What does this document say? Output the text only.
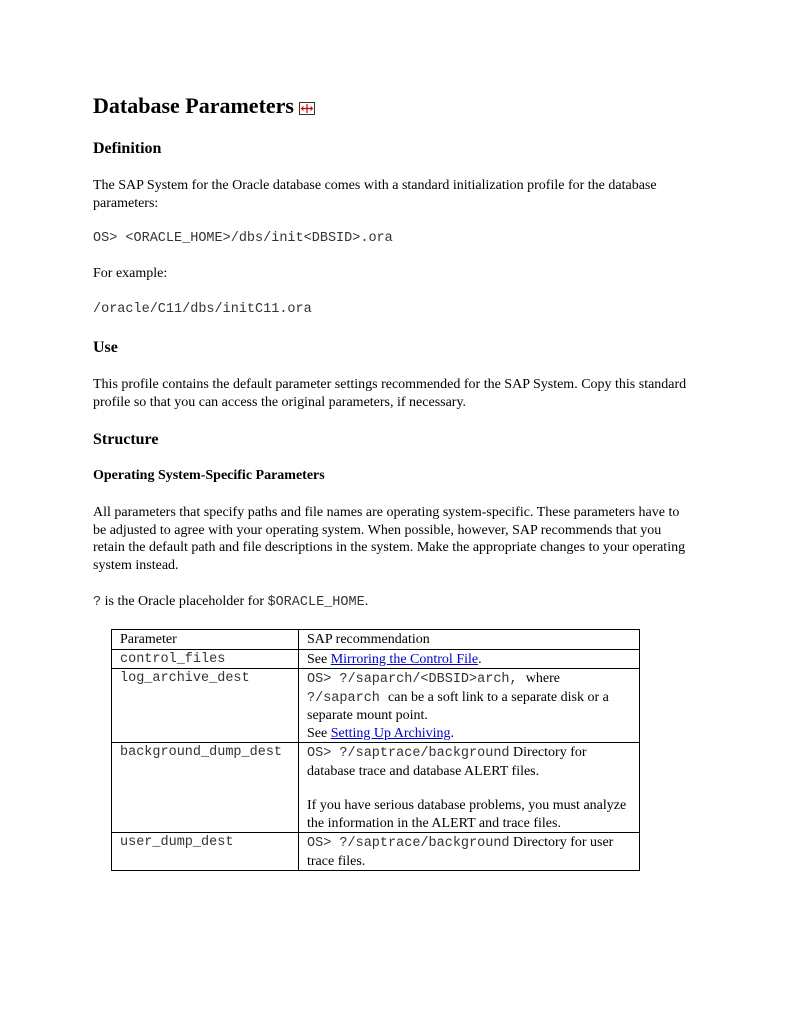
Database Parameters
Definition

The SAP System for the Oracle database comes with a standard initialization profile for the database parameters:

OS> <ORACLE_HOME>/dbs/init<DBSID>.ora

For example:

/oracle/C11/dbs/initC11.ora

Use

This profile contains the default parameter settings recommended for the SAP System. Copy this standard profile so that you can access the original parameters, if necessary.

Structure
Operating System-Specific Parameters

All parameters that specify paths and file names are operating system-specific. These parameters have to be adjusted to agree with your operating system. When possible, however, SAP recommends that you retain the default path and file descriptions in the system. Make the appropriate changes to your operating system instead.

? is the Oracle placeholder for $ORACLE_HOME.

Parameter	SAP recommendation
control_files	See Mirroring the Control File.
log_archive_dest	OS> ?/saparch/<DBSID>arch, where
?/saparch can be a soft link to a separate disk or a separate mount point.
See Setting Up Archiving.
background_dump_dest	OS> ?/saptrace/background Directory for database trace and database ALERT files.
If you have serious database problems, you must analyze the information in the ALERT and trace files.

user_dump_dest	OS> ?/saptrace/background Directory for user trace files.
